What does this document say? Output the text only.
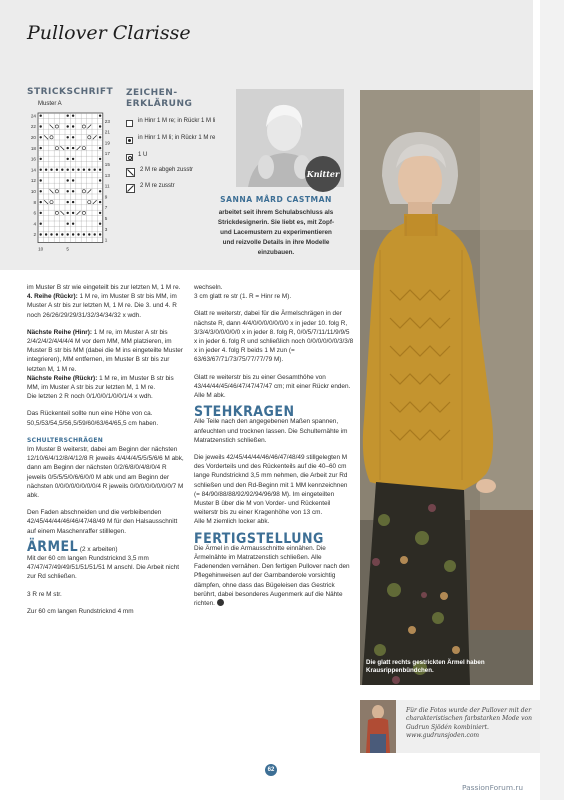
Pullover Clarisse
STRICKSCHRIFT
Muster A
24
22
20
18
16
14
12
10
8
6
4
2
23
21
19
17
15
13
11
9
7
5
3
1
10	5
ZEICHEN-
ERKLÄRUNG
in Hinr 1 M re; in Rückr 1 M li
in Hinr 1 M li; in Rückr 1 M re
1 U
2 M re abgeh zusstr
2 M re zusstr
Knitter
SANNA MÅRD CASTMAN
arbeitet seit ihrem Schulabschluss als Strickdesignerin. Sie liebt es, mit Zopf- und Lacemustern zu experimentieren und reizvolle Details in ihre Modelle einzubauen.
Die glatt rechts gestrickten Ärmel haben Krausrippenbündchen.
Für die Fotos wurde der Pullover mit der charakteristischen farbstarken Mode von Gudrun Sjödén kombiniert. www.gudrunsjoden.com

im Muster B str wie eingeteilt bis zur letzten M, 1 M re.

4. Reihe (Rückr): 1 M re, im Muster B str bis MM, im Muster A str bis zur letzten M, 1 M re. Die 3. und 4. R noch 26/26/29/29/31/32/34/34/32 x wdh.

Nächste Reihe (Hinr): 1 M re, im Muster A str bis 2/4/2/4/2/4/4/4/4 M vor dem MM, MM platzieren, im Muster B str bis MM (dabei die M ins eingeteilte Muster integrieren), MM entfernen, im Muster B str bis zur letzten M, 1 M re.

Nächste Reihe (Rückr): 1 M re, im Muster B str bis MM, im Muster A str bis zur letzten M, 1 M re.

Die letzten 2 R noch 0/1/0/0/1/0/0/1/4 x wdh.

Das Rückenteil sollte nun eine Höhe von ca. 50,5/53/54,5/56,5/59/60/63/64/65,5 cm haben.

SCHULTERSCHRÄGEN

Im Muster B weiterstr, dabei am Beginn der nächsten 12/10/6/4/12/8/4/12/8 R jeweils 4/4/4/4/5/5/5/6/6 M abk, dann am Beginn der nächsten 0/2/6/8/0/4/8/0/4 R jeweils 0/5/5/5/0/6/6/0/0 M abk und am Beginn der nächsten 0/0/0/0/0/0/0/0/4 R jeweils 0/0/0/0/0/0/0/0/7 M abk.

Den Faden abschneiden und die verbleibenden 42/45/44/44/46/46/47/48/49 M für den Halsausschnitt auf einem Maschenraffer stilllegen.

ÄRMEL (2 x arbeiten)

Mit der 60 cm langen Rundstricknd 3,5 mm 47/47/47/49/49/51/51/51/51 M anschl. Die Arbeit nicht zur Rd schließen.

3 R re M str.

Zur 60 cm langen Rundstricknd 4 mm

wechseln.

3 cm glatt re str (1. R = Hinr re M).

Glatt re weiterstr, dabei für die Ärmelschrägen in der nächste R, dann 4/4/0/0/0/0/0/0/0 x in jeder 10. folg R, 3/3/4/3/0/0/0/0/0 x in jeder 8. folg R, 0/0/5/7/11/11/9/9/5 x in jeder 6. folg R und schließlich noch 0/0/0/0/0/0/3/3/8 x in jeder 4. folg R beids 1 M zun (= 63/63/67/71/73/75/77/77/79 M).

Glatt re weiterstr bis zu einer Gesamthöhe von 43/44/44/45/46/47/47/47/47 cm; mit einer Rückr enden.

Alle M abk.

STEHKRAGEN

Alle Teile nach den angegebenen Maßen spannen, anfeuchten und trocknen lassen. Die Schulternähte im Matratzenstich schließen.

Die jeweils 42/45/44/44/46/46/47/48/49 stillgelegten M des Vorderteils und des Rückenteils auf die 40–60 cm lange Rundstricknd 3,5 mm nehmen, die Arbeit zur Rd schließen und den Rd-Beginn mit 1 MM kennzeichnen (= 84/90/88/88/92/92/94/96/98 M). Im eingeteilten Muster B über die M von Vorder- und Rückenteil weiterstr bis zu einer Kragenhöhe von 13 cm.

Alle M ziemlich locker abk.

FERTIGSTELLUNG

Die Ärmel in die Armausschnitte einnähen. Die Ärmelnähte im Matratzenstich schließen. Alle Fadenenden vernähen. Den fertigen Pullover nach den Pflegehinweisen auf der Garnbanderole vorsichtig dämpfen, ohne dass das Bügeleisen das Gestrick berührt, dabei besonderes Augenmerk auf die Nähte richten.

62
PassionForum.ru
